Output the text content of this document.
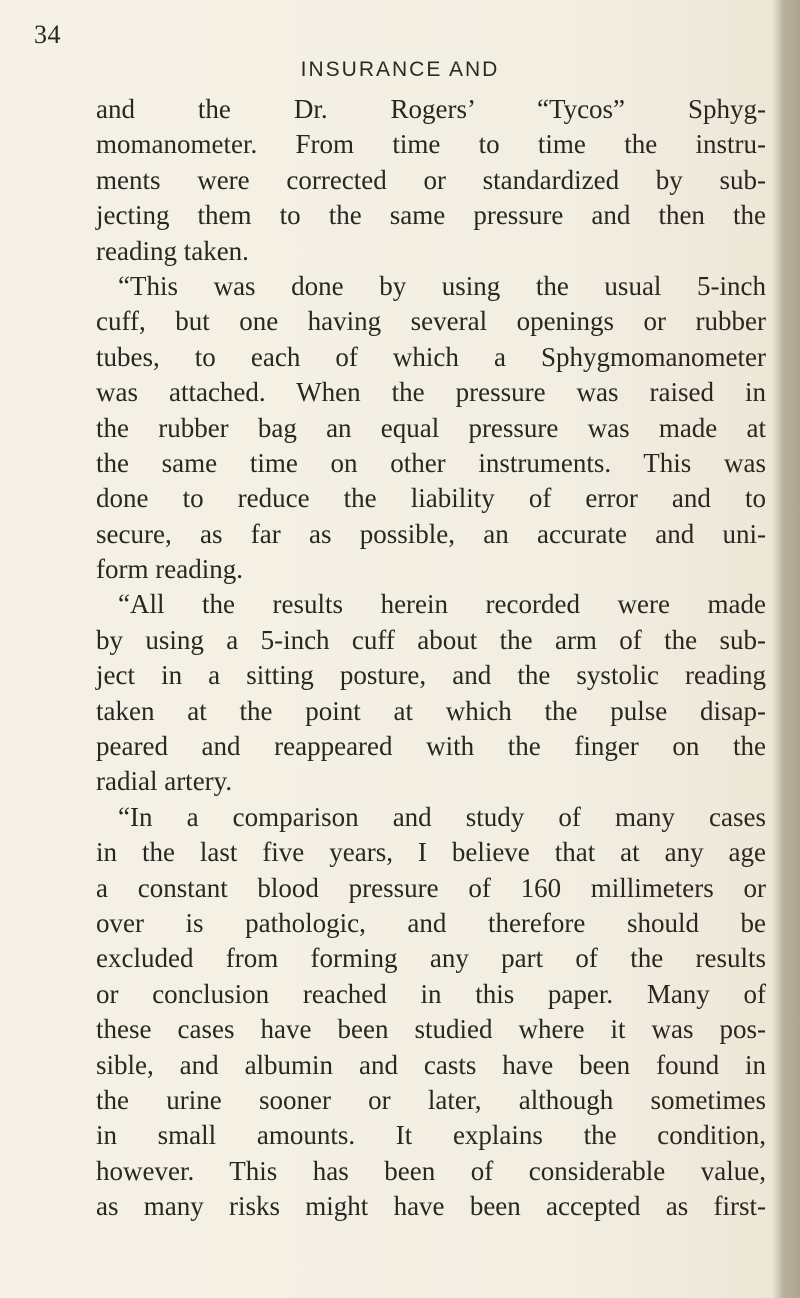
34
INSURANCE AND
and the Dr. Rogers’ “Tycos” Sphyg-
momanometer. From time to time the instru-
ments were corrected or standardized by sub-
jecting them to the same pressure and then the
reading taken.
“This was done by using the usual 5-inch
cuff, but one having several openings or rubber
tubes, to each of which a Sphygmomanometer
was attached. When the pressure was raised in
the rubber bag an equal pressure was made at
the same time on other instruments. This was
done to reduce the liability of error and to
secure, as far as possible, an accurate and uni-
form reading.
“All the results herein recorded were made
by using a 5-inch cuff about the arm of the sub-
ject in a sitting posture, and the systolic reading
taken at the point at which the pulse disap-
peared and reappeared with the finger on the
radial artery.
“In a comparison and study of many cases
in the last five years, I believe that at any age
a constant blood pressure of 160 millimeters or
over is pathologic, and therefore should be
excluded from forming any part of the results
or conclusion reached in this paper. Many of
these cases have been studied where it was pos-
sible, and albumin and casts have been found in
the urine sooner or later, although sometimes
in small amounts. It explains the condition,
however. This has been of considerable value,
as many risks might have been accepted as first-
